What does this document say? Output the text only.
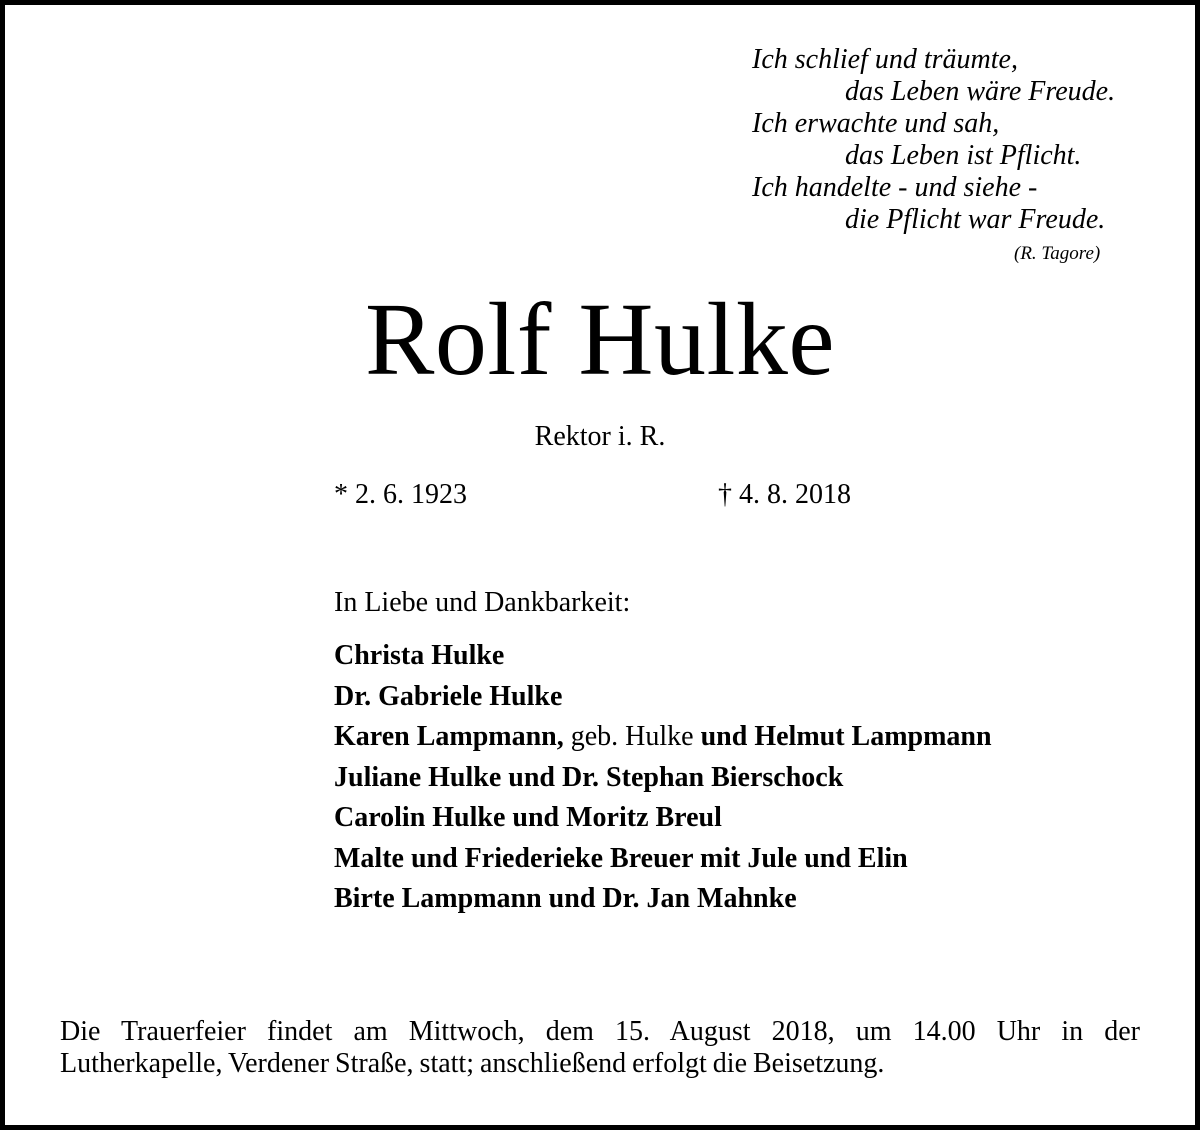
Ich schlief und träumte,
das Leben wäre Freude.
Ich erwachte und sah,
das Leben ist Pflicht.
Ich handelte - und siehe -
die Pflicht war Freude.
(R. Tagore)
Rolf Hulke
Rektor i. R.
* 2. 6. 1923	† 4. 8. 2018
In Liebe und Dankbarkeit:
Christa Hulke
Dr. Gabriele Hulke
Karen Lampmann, geb. Hulke und Helmut Lampmann
Juliane Hulke und Dr. Stephan Bierschock
Carolin Hulke und Moritz Breul
Malte und Friederieke Breuer mit Jule und Elin
Birte Lampmann und Dr. Jan Mahnke
Die Trauerfeier findet am Mittwoch, dem 15. August 2018, um 14.00 Uhr in der
Lutherkapelle, Verdener Straße, statt; anschließend erfolgt die Beisetzung.
